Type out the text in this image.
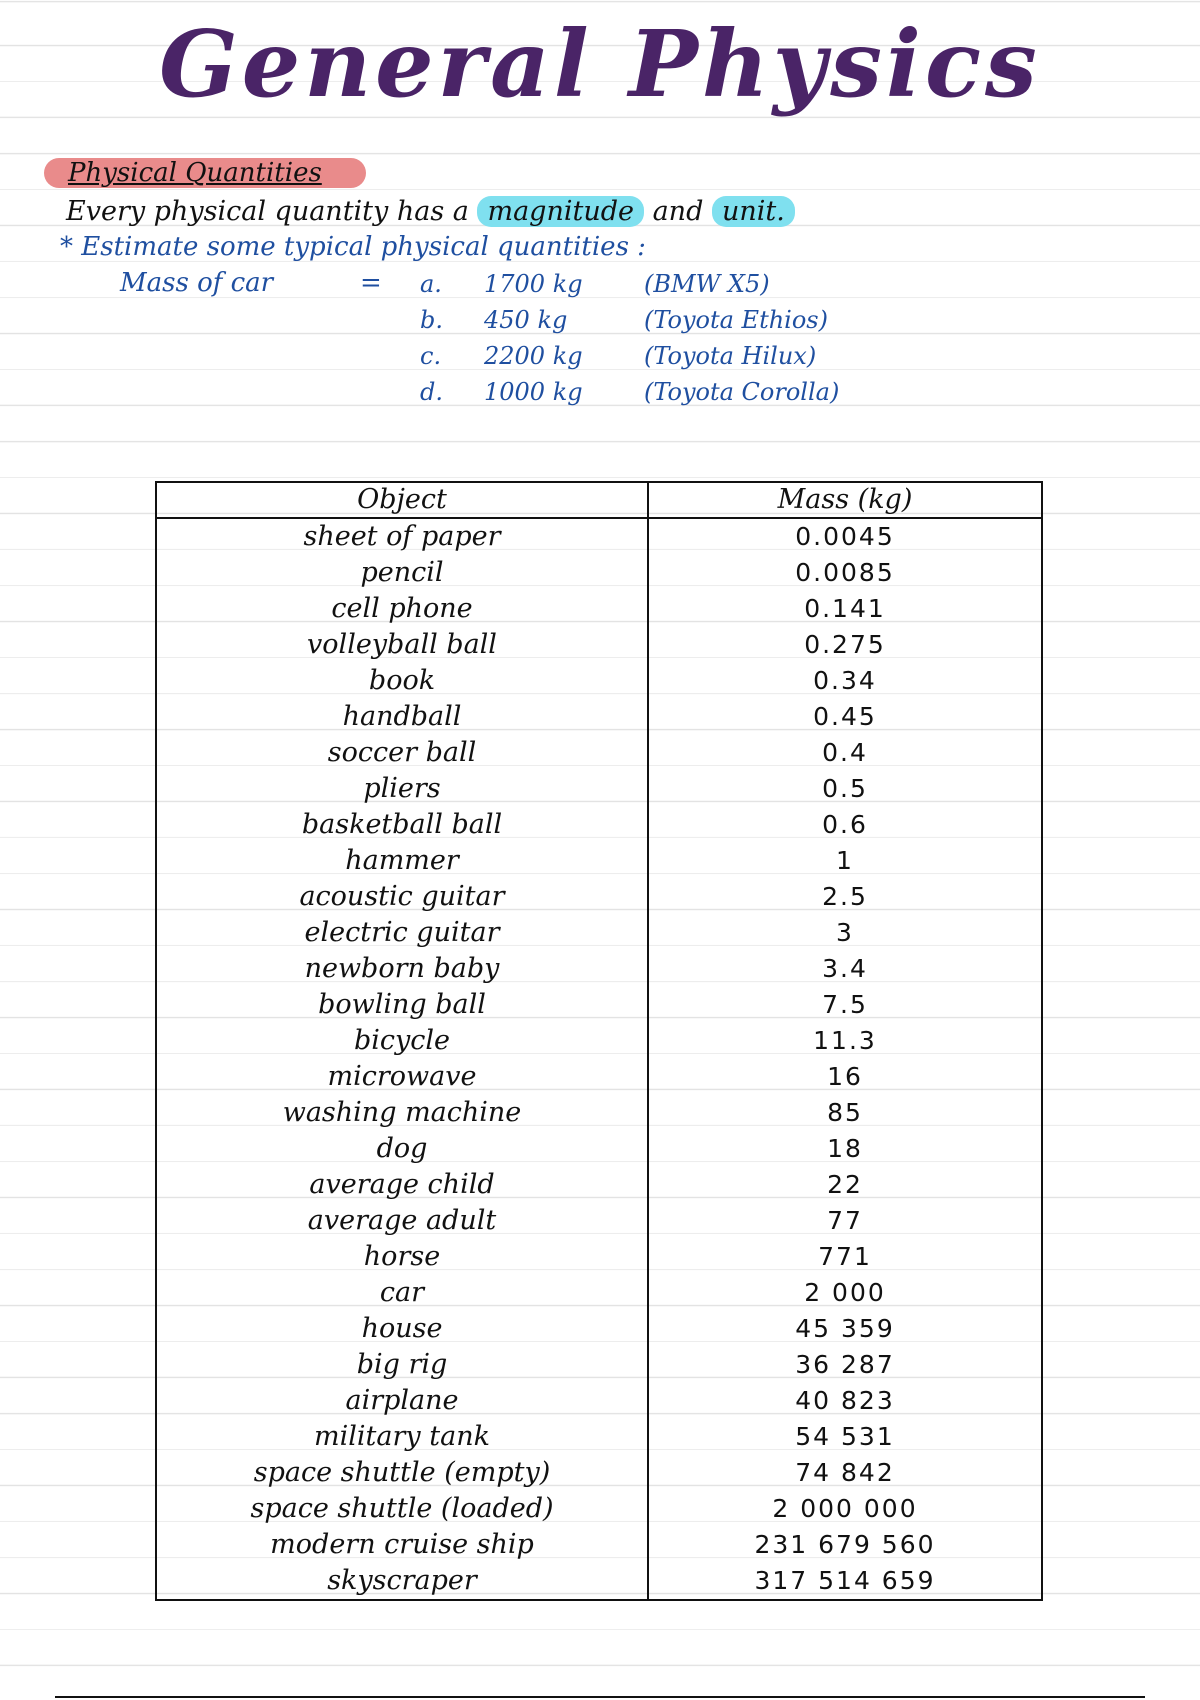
General Physics
Physical Quantities
Every physical quantity has a magnitude and unit.
* Estimate some typical physical quantities :
Mass of car	= a. 1700 kg	(BMW X5)
b. 450 kg	(Toyota Ethios)
c. 2200 kg	(Toyota Hilux)
d. 1000 kg	(Toyota Corolla)
Object	Mass (kg)
sheet of paper	0.0045
pencil	0.0085
cell phone	0.141
volleyball ball	0.275
book	0.34
handball	0.45
soccer ball	0.4
pliers	0.5
basketball ball	0.6
hammer	1
acoustic guitar	2.5
electric guitar	3
newborn baby	3.4
bowling ball	7.5
bicycle	11.3
microwave	16
washing machine	85
dog	18
average child	22
average adult	77
horse	771
car	2 000
house	45 359
big rig	36 287
airplane	40 823
military tank	54 531
space shuttle (empty)	74 842
space shuttle (loaded)	2 000 000
modern cruise ship	231 679 560
skyscraper	317 514 659
